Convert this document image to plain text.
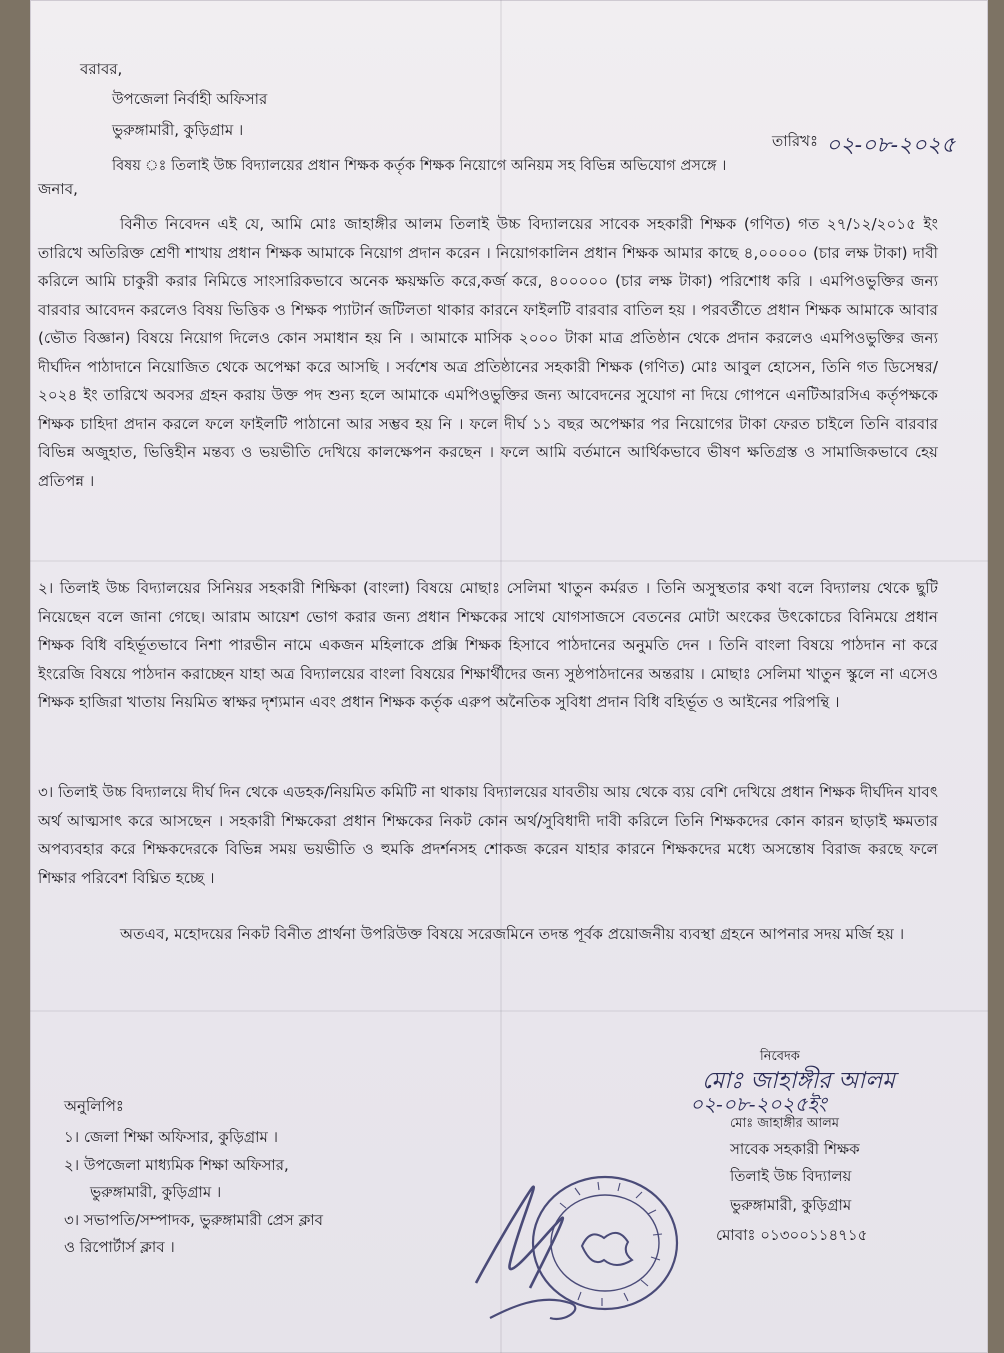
বরাবর,
উপজেলা নির্বাহী অফিসার
ভুরুঙ্গামারী, কুড়িগ্রাম ।
তারিখঃ ০২-০৮-২০২৫
বিষয় ঃ তিলাই উচ্চ বিদ্যালয়ের প্রধান শিক্ষক কর্তৃক শিক্ষক নিয়োগে অনিয়ম সহ বিভিন্ন অভিযোগ প্রসঙ্গে ।
জনাব,
বিনীত নিবেদন এই যে, আমি মোঃ জাহাঙ্গীর আলম তিলাই উচ্চ বিদ্যালয়ের সাবেক সহকারী শিক্ষক (গণিত) গত ২৭/১২/২০১৫ ইং তারিখে অতিরিক্ত শ্রেণী শাখায় প্রধান শিক্ষক আমাকে নিয়োগ প্রদান করেন । নিয়োগকালিন প্রধান শিক্ষক আমার কাছে ৪,০০০০০ (চার লক্ষ টাকা) দাবী করিলে আমি চাকুরী করার নিমিত্তে সাংসারিকভাবে অনেক ক্ষয়ক্ষতি করে,কর্জ করে, ৪০০০০০ (চার লক্ষ টাকা) পরিশোধ করি । এমপিওভুক্তির জন্য বারবার আবেদন করলেও বিষয় ভিত্তিক ও শিক্ষক প্যাটার্ন জটিলতা থাকার কারনে ফাইলটি বারবার বাতিল হয় । পরবর্তীতে প্রধান শিক্ষক আমাকে আবার (ভৌত বিজ্ঞান) বিষয়ে নিয়োগ দিলেও কোন সমাধান হয় নি । আমাকে মাসিক ২০০০ টাকা মাত্র প্রতিষ্ঠান থেকে প্রদান করলেও এমপিওভুক্তির জন্য দীর্ঘদিন পাঠাদানে নিয়োজিত থেকে অপেক্ষা করে আসছি । সর্বশেষ অত্র প্রতিষ্ঠানের সহকারী শিক্ষক (গণিত) মোঃ আবুল হোসেন, তিনি গত ডিসেম্বর/২০২৪ ইং তারিখে অবসর গ্রহন করায় উক্ত পদ শুন্য হলে আমাকে এমপিওভুক্তির জন্য আবেদনের সুযোগ না দিয়ে গোপনে এনটিআরসিএ কর্তৃপক্ষকে শিক্ষক চাহিদা প্রদান করলে ফলে ফাইলটি পাঠানো আর সম্ভব হয় নি । ফলে দীর্ঘ ১১ বছর অপেক্ষার পর নিয়োগের টাকা ফেরত চাইলে তিনি বারবার বিভিন্ন অজুহাত, ভিত্তিহীন মন্তব্য ও ভয়ভীতি দেখিয়ে কালক্ষেপন করছেন । ফলে আমি বর্তমানে আর্থিকভাবে ভীষণ ক্ষতিগ্রস্ত ও সামাজিকভাবে হেয় প্রতিপন্ন ।
২। তিলাই উচ্চ বিদ্যালয়ের সিনিয়র সহকারী শিক্ষিকা (বাংলা) বিষয়ে মোছাঃ সেলিমা খাতুন কর্মরত । তিনি অসুস্থতার কথা বলে বিদ্যালয় থেকে ছুটি নিয়েছেন বলে জানা গেছে। আরাম আয়েশ ভোগ করার জন্য প্রধান শিক্ষকের সাথে যোগসাজসে বেতনের মোটা অংকের উৎকোচের বিনিময়ে প্রধান শিক্ষক বিধি বহির্ভূতভাবে নিশা পারভীন নামে একজন মহিলাকে প্রক্সি শিক্ষক হিসাবে পাঠদানের অনুমতি দেন । তিনি বাংলা বিষয়ে পাঠদান না করে ইংরেজি বিষয়ে পাঠদান করাচ্ছেন যাহা অত্র বিদ্যালয়ের বাংলা বিষয়ের শিক্ষার্থীদের জন্য সুষ্ঠপাঠদানের অন্তরায় । মোছাঃ সেলিমা খাতুন স্কুলে না এসেও শিক্ষক হাজিরা খাতায় নিয়মিত স্বাক্ষর দৃশ্যমান এবং প্রধান শিক্ষক কর্তৃক এরুপ অনৈতিক সুবিধা প্রদান বিধি বহির্ভূত ও আইনের পরিপন্থি ।
৩। তিলাই উচ্চ বিদ্যালয়ে দীর্ঘ দিন থেকে এডহক/নিয়মিত কমিটি না থাকায় বিদ্যালয়ের যাবতীয় আয় থেকে ব্যয় বেশি দেখিয়ে প্রধান শিক্ষক দীর্ঘদিন যাবৎ অর্থ আত্মসাৎ করে আসছেন । সহকারী শিক্ষকেরা প্রধান শিক্ষকের নিকট কোন অর্থ/সুবিধাদী দাবী করিলে তিনি শিক্ষকদের কোন কারন ছাড়াই ক্ষমতার অপব্যবহার করে শিক্ষকদেরকে বিভিন্ন সময় ভয়ভীতি ও হুমকি প্রদর্শনসহ শোকজ করেন যাহার কারনে শিক্ষকদের মধ্যে অসন্তোষ বিরাজ করছে ফলে শিক্ষার পরিবেশ বিঘ্নিত হচ্ছে ।
অতএব, মহোদয়ের নিকট বিনীত প্রার্থনা উপরিউক্ত বিষয়ে সরেজমিনে তদন্ত পূর্বক প্রয়োজনীয় ব্যবস্থা গ্রহনে আপনার সদয় মর্জি হয় ।
অনুলিপিঃ
১। জেলা শিক্ষা অফিসার, কুড়িগ্রাম ।
২। উপজেলা মাধ্যমিক শিক্ষা অফিসার,
ভুরুঙ্গামারী, কুড়িগ্রাম ।
৩। সভাপতি/সম্পাদক, ভুরুঙ্গামারী প্রেস ক্লাব
ও রিপোর্টার্স ক্লাব ।
নিবেদক
মোঃ জাহাঙ্গীর আলম
০২-০৮-২০২৫ইং
মোঃ জাহাঙ্গীর আলম
সাবেক সহকারী শিক্ষক
তিলাই উচ্চ বিদ্যালয়
ভুরুঙ্গামারী, কুড়িগ্রাম
মোবাঃ ০১৩০০১১৪৭১৫
